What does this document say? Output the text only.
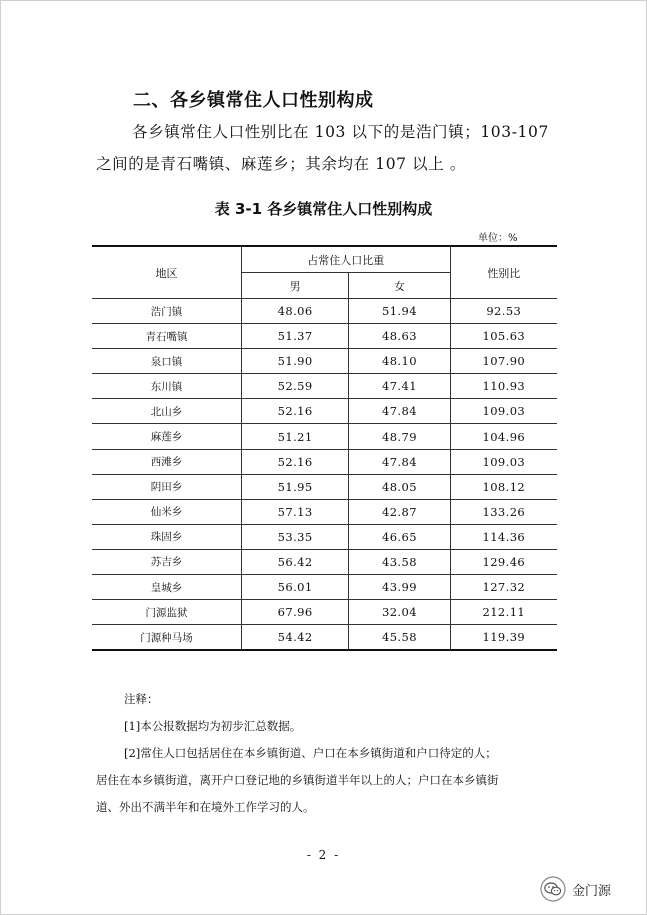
二、各乡镇常住人口性别构成
各乡镇常住人口性别比在 103 以下的是浩门镇；103-107
之间的是青石嘴镇、麻莲乡；其余均在 107 以上 。
表 3-1 各乡镇常住人口性别构成
单位：%
地区	占常住人口比重		性别比
	男	女	
浩门镇	48.06	51.94	92.53
青石嘴镇	51.37	48.63	105.63
泉口镇	51.90	48.10	107.90
东川镇	52.59	47.41	110.93
北山乡	52.16	47.84	109.03
麻莲乡	51.21	48.79	104.96
西滩乡	52.16	47.84	109.03
阴田乡	51.95	48.05	108.12
仙米乡	57.13	42.87	133.26
珠固乡	53.35	46.65	114.36
苏吉乡	56.42	43.58	129.46
皇城乡	56.01	43.99	127.32
门源监狱	67.96	32.04	212.11
门源种马场	54.42	45.58	119.39
注释：
[1]本公报数据均为初步汇总数据。
[2]常住人口包括居住在本乡镇街道、户口在本乡镇街道和户口待定的人；
居住在本乡镇街道，离开户口登记地的乡镇街道半年以上的人；户口在本乡镇街
道、外出不满半年和在境外工作学习的人。
- 2 -
金门源
